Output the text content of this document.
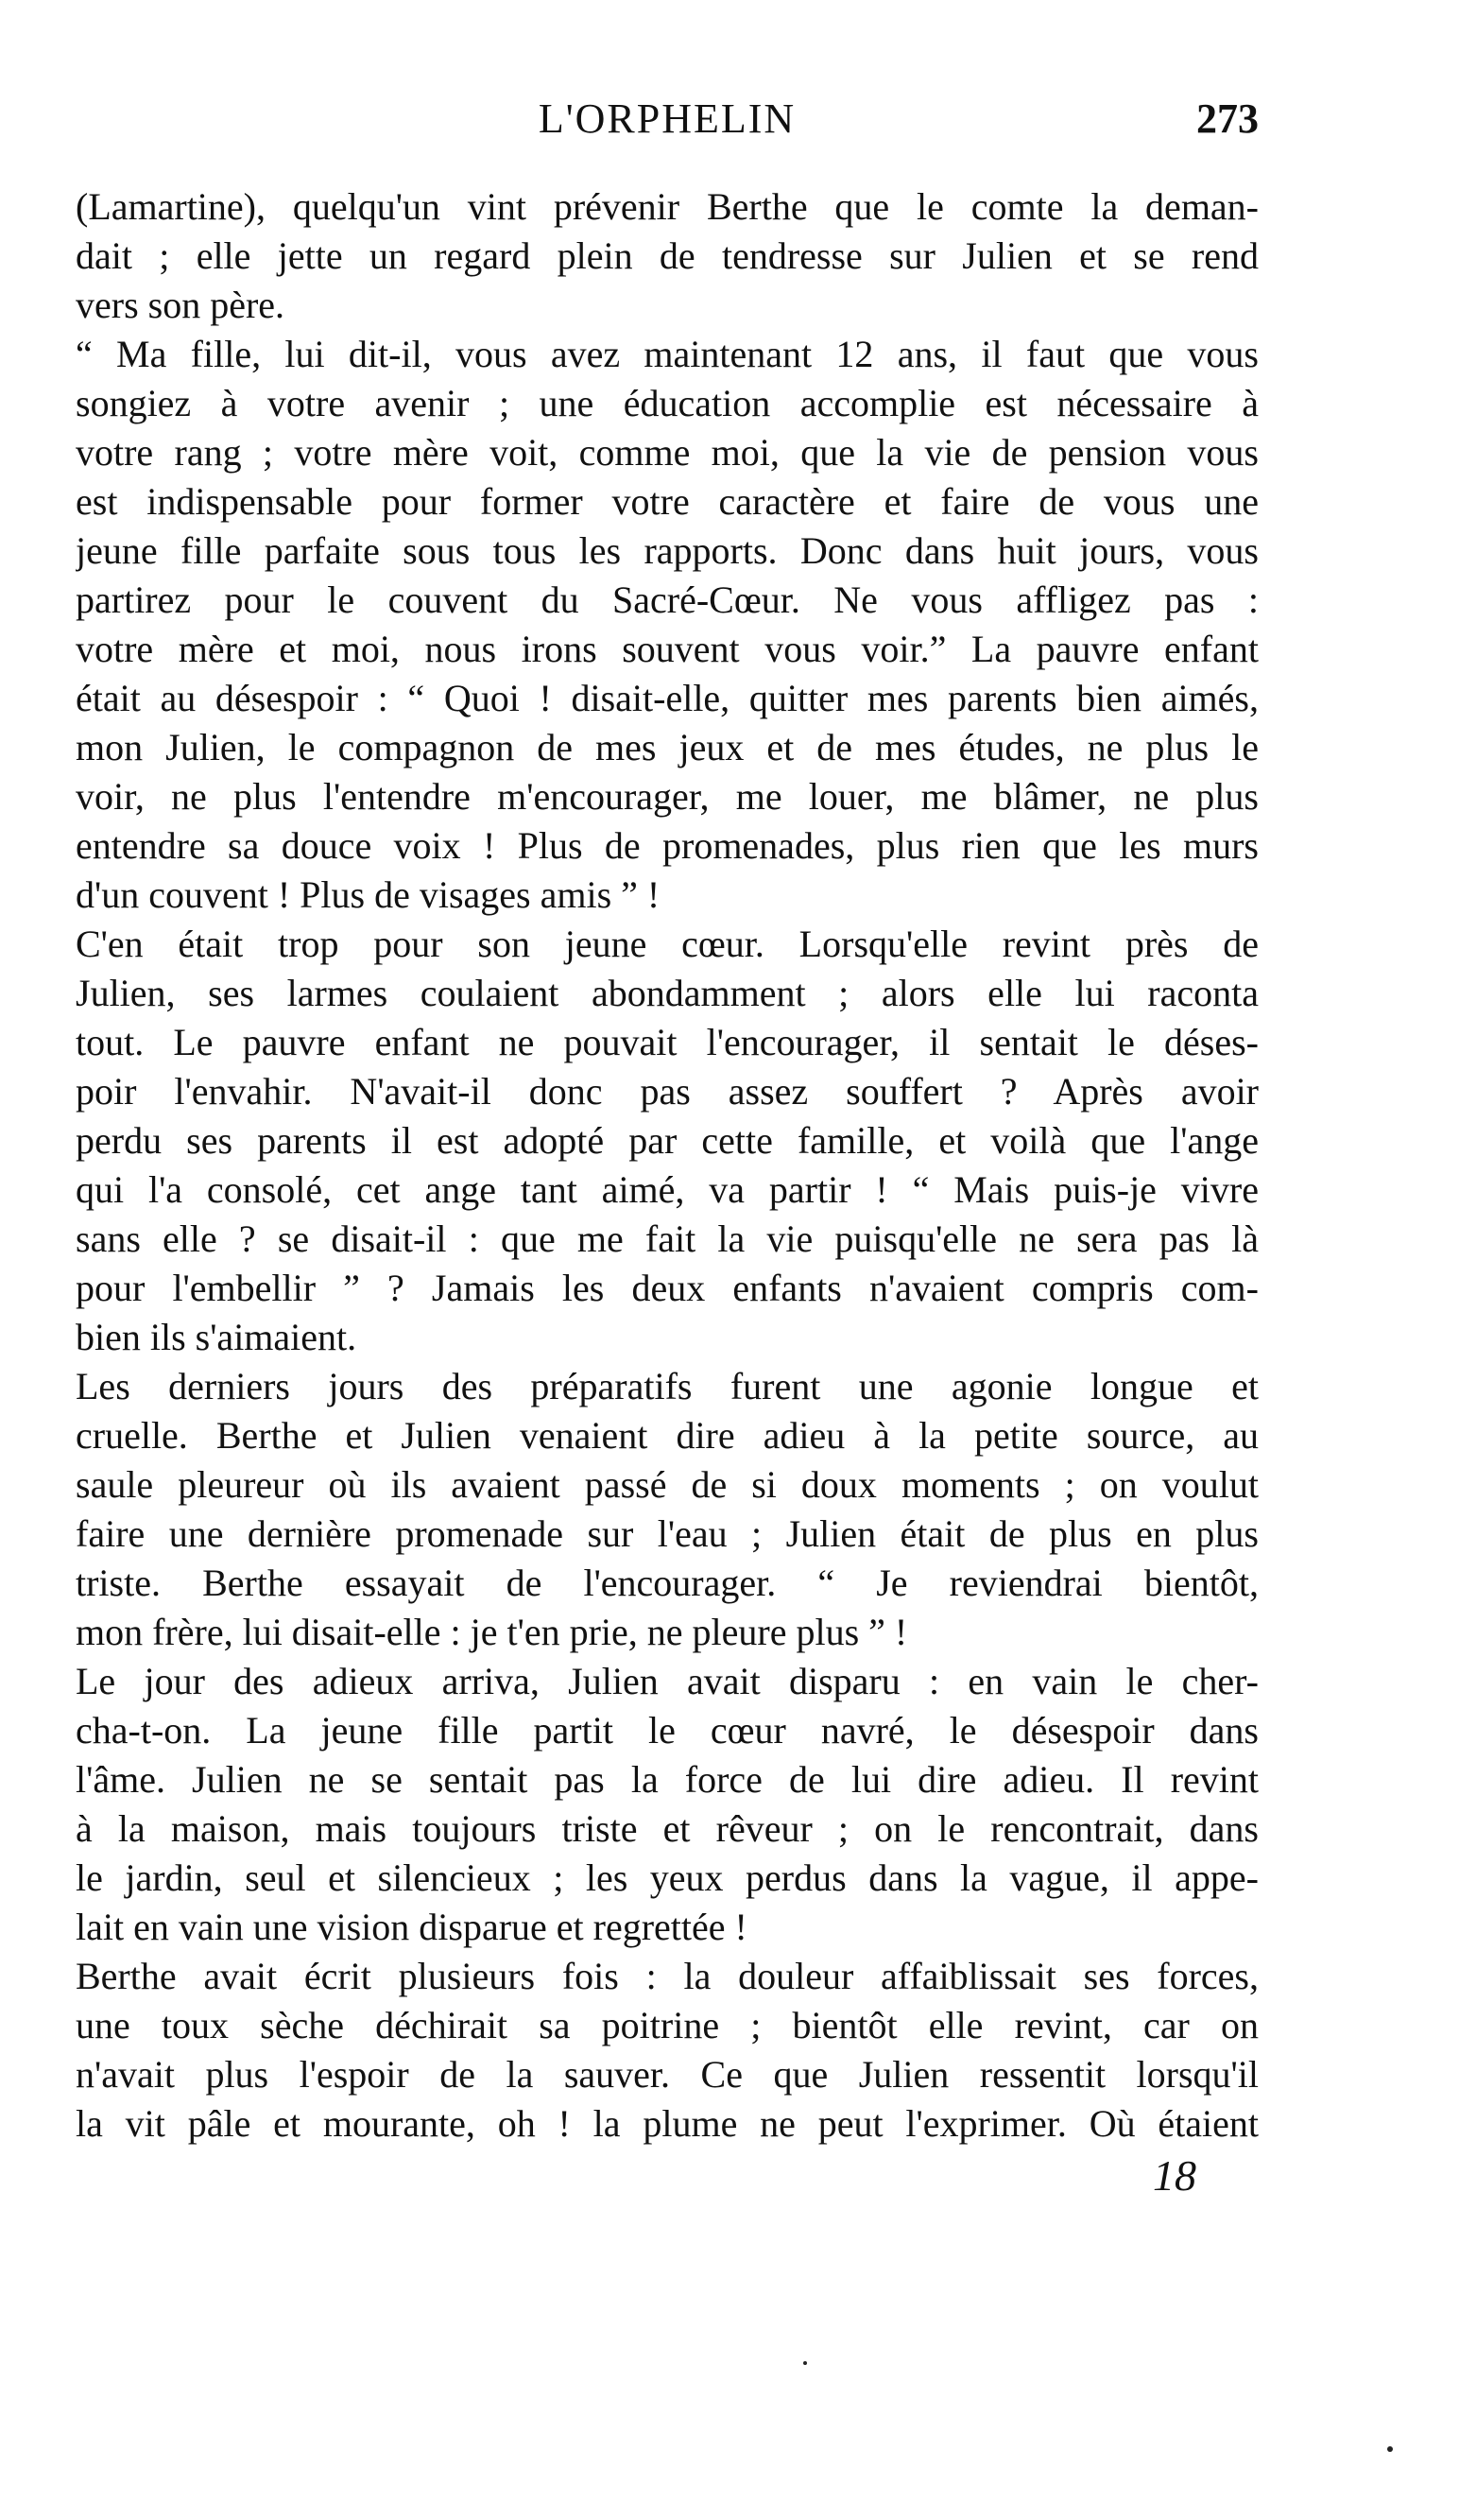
L'ORPHELIN	273

(Lamartine), quelqu'un vint prévenir Berthe que le comte la deman-

dait ; elle jette un regard plein de tendresse sur Julien et se rend

vers son père.

“ Ma fille, lui dit-il, vous avez maintenant 12 ans, il faut que vous

songiez à votre avenir ; une éducation accomplie est nécessaire à

votre rang ; votre mère voit, comme moi, que la vie de pension vous

est indispensable pour former votre caractère et faire de vous une

jeune fille parfaite sous tous les rapports. Donc dans huit jours, vous

partirez pour le couvent du Sacré-Cœur. Ne vous affligez pas :

votre mère et moi, nous irons souvent vous voir.” La pauvre enfant

était au désespoir : “ Quoi ! disait-elle, quitter mes parents bien aimés,

mon Julien, le compagnon de mes jeux et de mes études, ne plus le

voir, ne plus l'entendre m'encourager, me louer, me blâmer, ne plus

entendre sa douce voix ! Plus de promenades, plus rien que les murs

d'un couvent ! Plus de visages amis ” !

C'en était trop pour son jeune cœur. Lorsqu'elle revint près de

Julien, ses larmes coulaient abondamment ; alors elle lui raconta

tout. Le pauvre enfant ne pouvait l'encourager, il sentait le déses-

poir l'envahir. N'avait-il donc pas assez souffert ? Après avoir

perdu ses parents il est adopté par cette famille, et voilà que l'ange

qui l'a consolé, cet ange tant aimé, va partir ! “ Mais puis-je vivre

sans elle ? se disait-il : que me fait la vie puisqu'elle ne sera pas là

pour l'embellir ” ? Jamais les deux enfants n'avaient compris com-

bien ils s'aimaient.

Les derniers jours des préparatifs furent une agonie longue et

cruelle. Berthe et Julien venaient dire adieu à la petite source, au

saule pleureur où ils avaient passé de si doux moments ; on voulut

faire une dernière promenade sur l'eau ; Julien était de plus en plus

triste. Berthe essayait de l'encourager. “ Je reviendrai bientôt,

mon frère, lui disait-elle : je t'en prie, ne pleure plus ” !

Le jour des adieux arriva, Julien avait disparu : en vain le cher-

cha-t-on. La jeune fille partit le cœur navré, le désespoir dans

l'âme. Julien ne se sentait pas la force de lui dire adieu. Il revint

à la maison, mais toujours triste et rêveur ; on le rencontrait, dans

le jardin, seul et silencieux ; les yeux perdus dans la vague, il appe-

lait en vain une vision disparue et regrettée !

Berthe avait écrit plusieurs fois : la douleur affaiblissait ses forces,

une toux sèche déchirait sa poitrine ; bientôt elle revint, car on

n'avait plus l'espoir de la sauver. Ce que Julien ressentit lorsqu'il

la vit pâle et mourante, oh ! la plume ne peut l'exprimer. Où étaient

18
